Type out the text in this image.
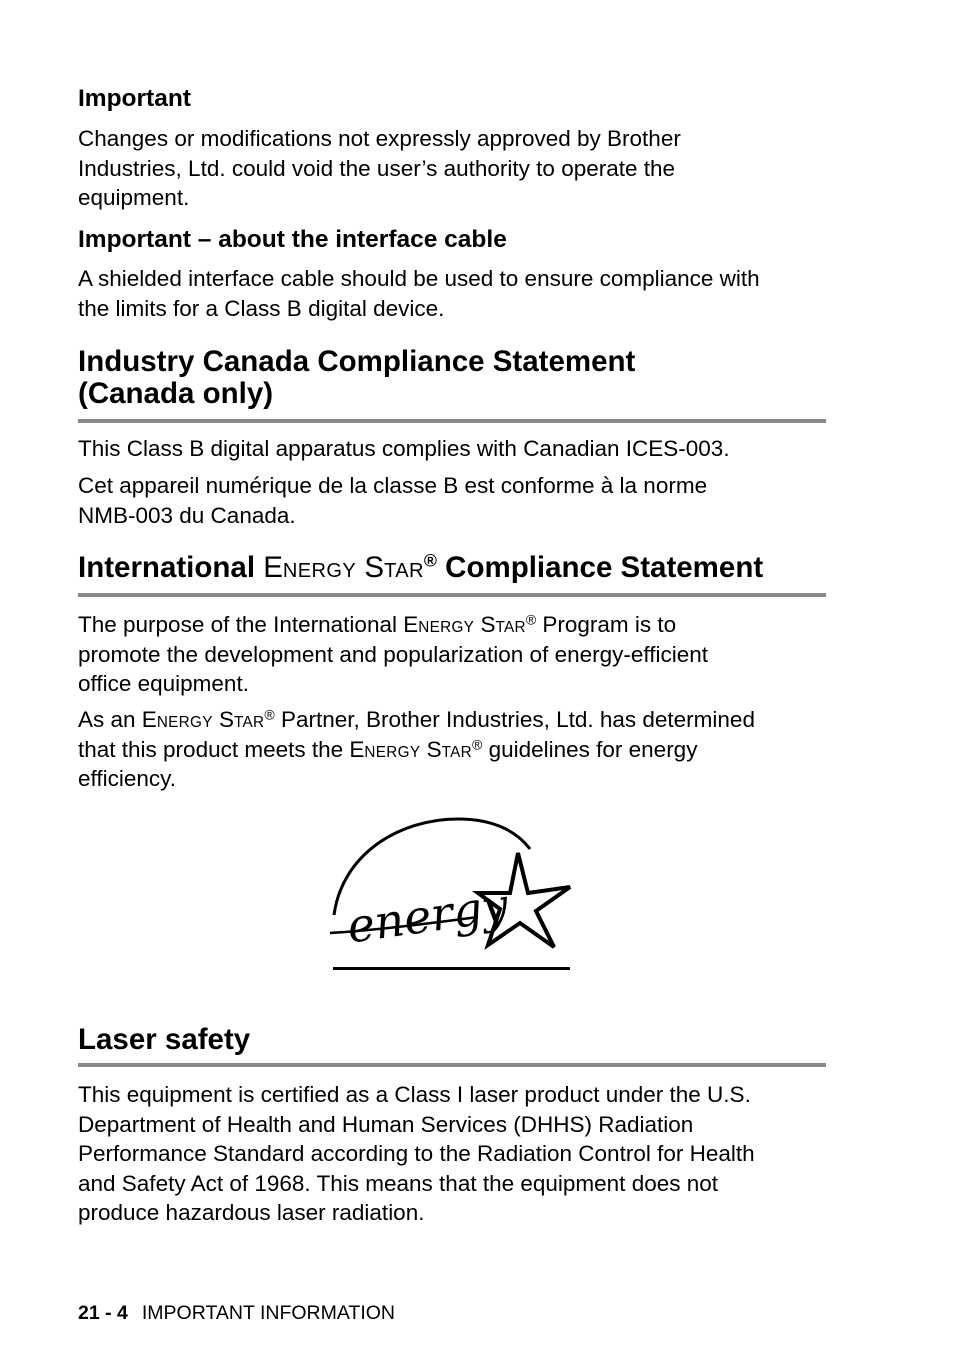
Important

Changes or modifications not expressly approved by Brother

Industries, Ltd. could void the user’s authority to operate the

equipment.

Important – about the interface cable

A shielded interface cable should be used to ensure compliance with

the limits for a Class B digital device.

Industry Canada Compliance Statement
(Canada only)

This Class B digital apparatus complies with Canadian ICES-003.

Cet appareil numérique de la classe B est conforme à la norme

NMB-003 du Canada.

International ENERGY STAR® Compliance Statement

The purpose of the International ENERGY STAR® Program is to

promote the development and popularization of energy-efficient

office equipment.

As an ENERGY STAR® Partner, Brother Industries, Ltd. has determined

that this product meets the ENERGY STAR® guidelines for energy

efficiency.

energy
Laser safety

This equipment is certified as a Class I laser product under the U.S.

Department of Health and Human Services (DHHS) Radiation

Performance Standard according to the Radiation Control for Health

and Safety Act of 1968. This means that the equipment does not

produce hazardous laser radiation.

21 - 4 IMPORTANT INFORMATION
